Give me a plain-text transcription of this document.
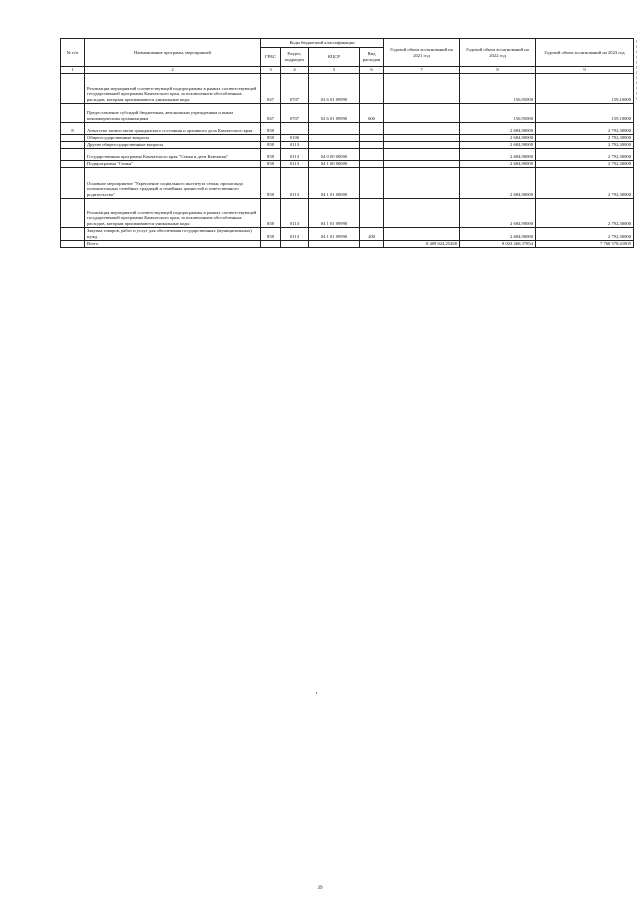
№ п/п	Наименование программ, мероприятий	Коды бюджетной классификации				Годовой объем ассигнований на 2021 год	Годовой объем ассигнований на 2022 год	Годовой объем ассигнований на 2023 год
		ГРБС	Раздел, подраздел	КЦСР	Вид расходов			
1	2	3	4	5	6	7	8	9
	Реализация мероприятий соответствующей подпрограммы в рамках соответствующей государственной программы Камчатского края, за исключением обособленных расходов, которым присваиваются уникальные коды	847	0707	02 6 01 09990			156,95000	159,10000
	Предоставление субсидий бюджетным, автономным учреждениям и иным некоммерческим организациям	847	0707	02 6 01 09990	600		156,95000	159,10000
8	Агентство записи актов гражданского состояния и архивного дела Камчатского края	858					2 684,90000	2 792,30000
	Общегосударственные вопросы	858	0100				2 684,90000	2 792,30000
	Другие общегосударственные вопросы	858	0113				2 684,90000	2 792,30000
	Государственная программа Камчатского края "Семья и дети Камчатки"	858	0113	04 0 00 00000			2 684,90000	2 792,30000
	Подпрограмма "Семья"	858	0113	04 1 00 00000			2 684,90000	2 792,30000
	Основное мероприятие "Укрепление социального института семьи, пропаганда положительных семейных традиций и семейных ценностей и ответственного родительства"	858	0113	04 1 01 00000			2 684,90000	2 792,30000
	Реализация мероприятий соответствующей подпрограммы в рамках соответствующей государственной программы Камчатского края, за исключением обособленных расходов, которым присваиваются уникальные коды	858	0113	04 1 01 09990			2 684,90000	2 792,30000
	Закупка товаров, работ и услуг для обеспечения государственных (муниципальных) нужд	858	0113	04 1 01 09990	200		2 684,90000	2 792,30000
	Всего					8 409 624,25268	8 023 266,37854	7 768 578,41805
39
